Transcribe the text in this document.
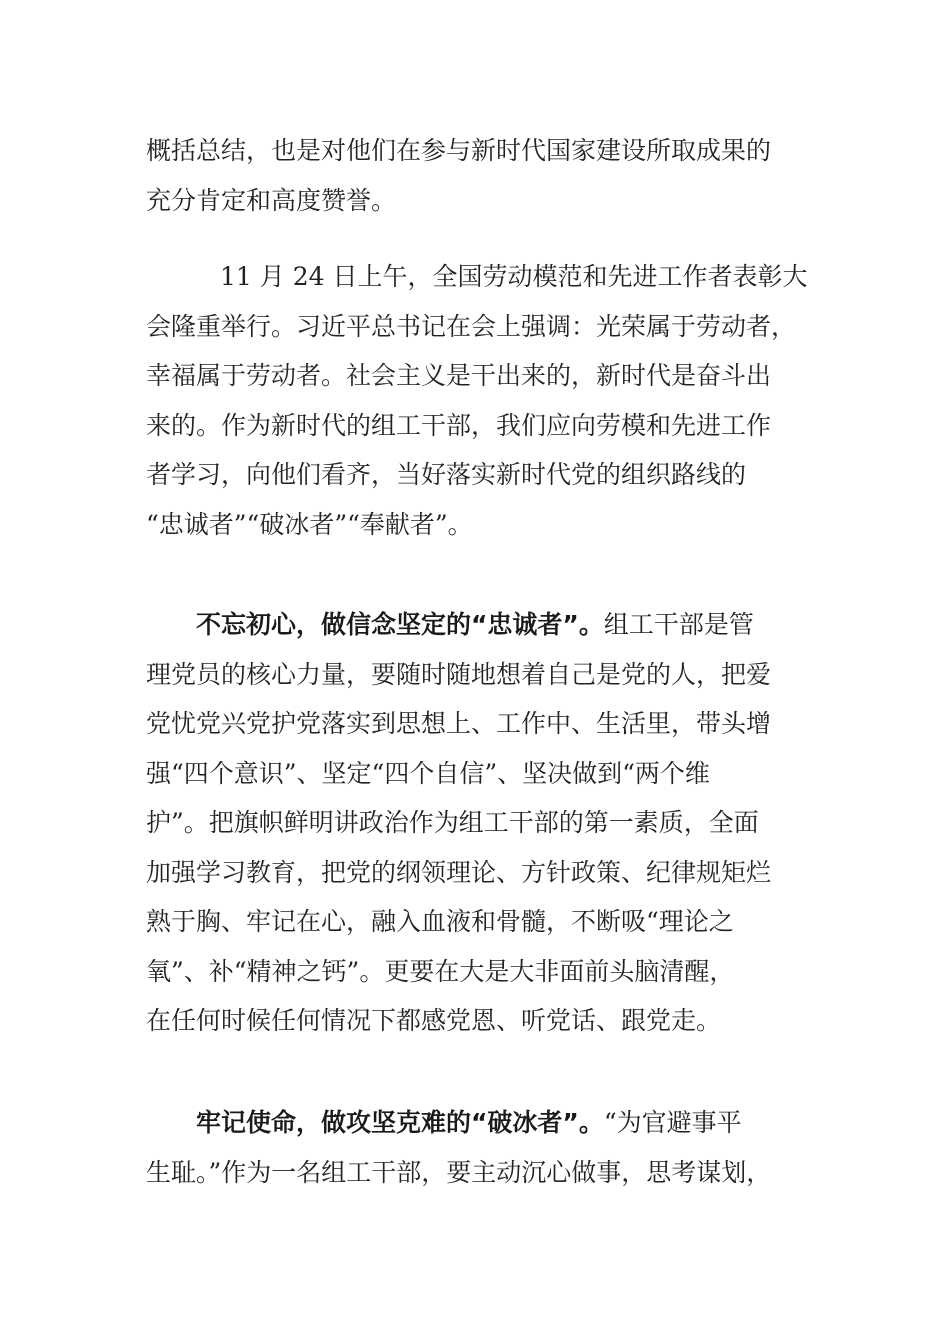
概括总结，也是对他们在参与新时代国家建设所取成果的
充分肯定和高度赞誉。
11 月 24 日上午，全国劳动模范和先进工作者表彰大
会隆重举行。习近平总书记在会上强调：光荣属于劳动者，
幸福属于劳动者。社会主义是干出来的，新时代是奋斗出
来的。作为新时代的组工干部，我们应向劳模和先进工作
者学习，向他们看齐，当好落实新时代党的组织路线的
“忠诚者”“破冰者”“奉献者”。
不忘初心，做信念坚定的“忠诚者”。组工干部是管
理党员的核心力量，要随时随地想着自己是党的人，把爱
党忧党兴党护党落实到思想上、工作中、生活里，带头增
强“四个意识”、坚定“四个自信”、坚决做到“两个维
护”。把旗帜鲜明讲政治作为组工干部的第一素质，全面
加强学习教育，把党的纲领理论、方针政策、纪律规矩烂
熟于胸、牢记在心，融入血液和骨髓，不断吸“理论之
氧”、补“精神之钙”。更要在大是大非面前头脑清醒，
在任何时候任何情况下都感党恩、听党话、跟党走。
牢记使命，做攻坚克难的“破冰者”。“为官避事平
生耻。”作为一名组工干部，要主动沉心做事，思考谋划，
